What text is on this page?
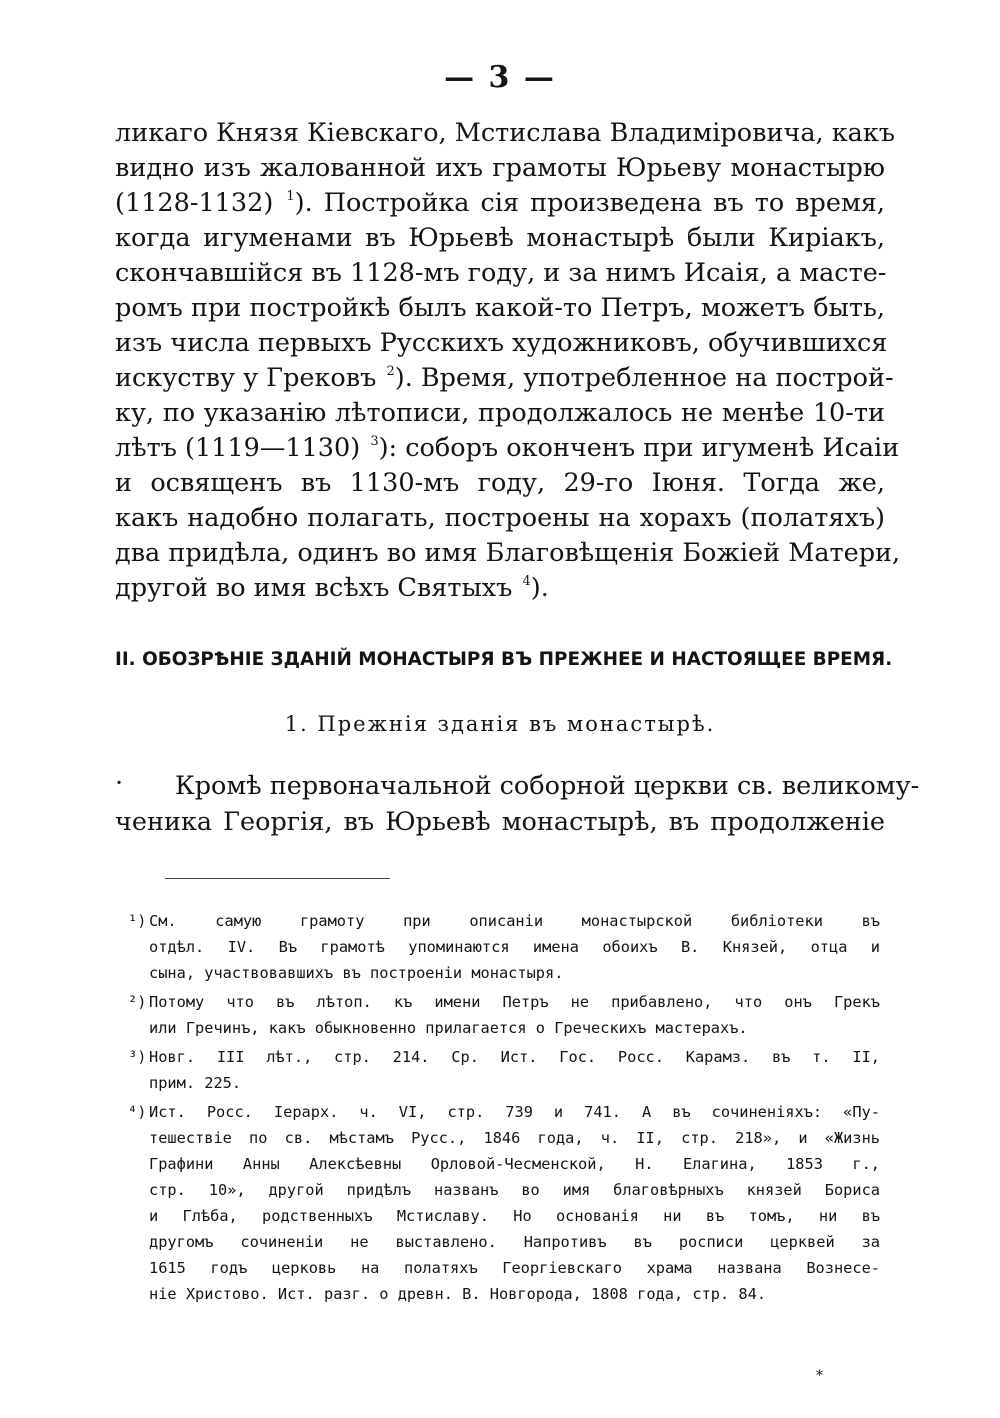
— 3 —
ликаго Князя Кіевскаго, Мстислава Владиміровича, какъ
видно изъ жалованной ихъ грамоты Юрьеву монастырю
(1128-1132) $^1$). Постройка сія произведена въ то время,
когда игуменами въ Юрьевѣ монастырѣ были Киріакъ,
скончавшійся въ 1128-мъ году, и за нимъ Исаія, а масте-
ромъ при постройкѣ былъ какой-то Петръ, можетъ быть,
изъ числа первыхъ Русскихъ художниковъ, обучившихся
искуству у Грековъ $^2$). Время, употребленное на построй-
ку, по указанію лѣтописи, продолжалось не менѣе 10-ти
лѣтъ (1119—1130) $^3$): соборъ оконченъ при игуменѣ Исаіи
и освященъ въ 1130-мъ году, 29-го Іюня. Тогда же,
какъ надобно полагать, построены на хорахъ (полатяхъ)
два придѣла, одинъ во имя Благовѣщенія Божіей Матери,
другой во имя всѣхъ Святыхъ $^4$).
II. ОБОЗРѢНІЕ ЗДАНІЙ МОНАСТЫРЯ ВЪ ПРЕЖНЕЕ И НАСТОЯЩЕЕ ВРЕМЯ.
1. Прежнія зданія въ монастырѣ.
·	Кромѣ первоначальной соборной церкви св. великому-
ченика Георгія, въ Юрьевѣ монастырѣ, въ продолженіе
¹) См. самую грамоту при описаніи монастырской библіотеки въ
отдѣл. IV. Въ грамотѣ упоминаются имена обоихъ В. Князей, отца и
сына, участвовавшихъ въ построеніи монастыря.
²) Потому что въ лѣтоп. къ имени Петръ не прибавлено, что онъ Грекъ
или Гречинъ, какъ обыкновенно прилагается о Греческихъ мастерахъ.
³) Новг. III лѣт., стр. 214. Ср. Ист. Гос. Росс. Карамз. въ т. II,
прим. 225.
⁴) Ист. Росс. Іерарх. ч. VI, стр. 739 и 741. А въ сочиненіяхъ: «Пу-
тешествіе по св. мѣстамъ Русс., 1846 года, ч. II, стр. 218», и «Жизнь
Графини Анны Алексѣевны Орловой-Чесменской, Н. Елагина, 1853 г.,
стр. 10», другой придѣлъ названъ во имя благовѣрныхъ князей Бориса
и Глѣба, родственныхъ Мстиславу. Но основанія ни въ томъ, ни въ
другомъ сочиненіи не выставлено. Напротивъ въ росписи церквей за
1615 годъ церковь на полатяхъ Георгіевскаго храма названа Вознесе-
ніе Христово. Ист. разг. о древн. В. Новгорода, 1808 года, стр. 84.
*
